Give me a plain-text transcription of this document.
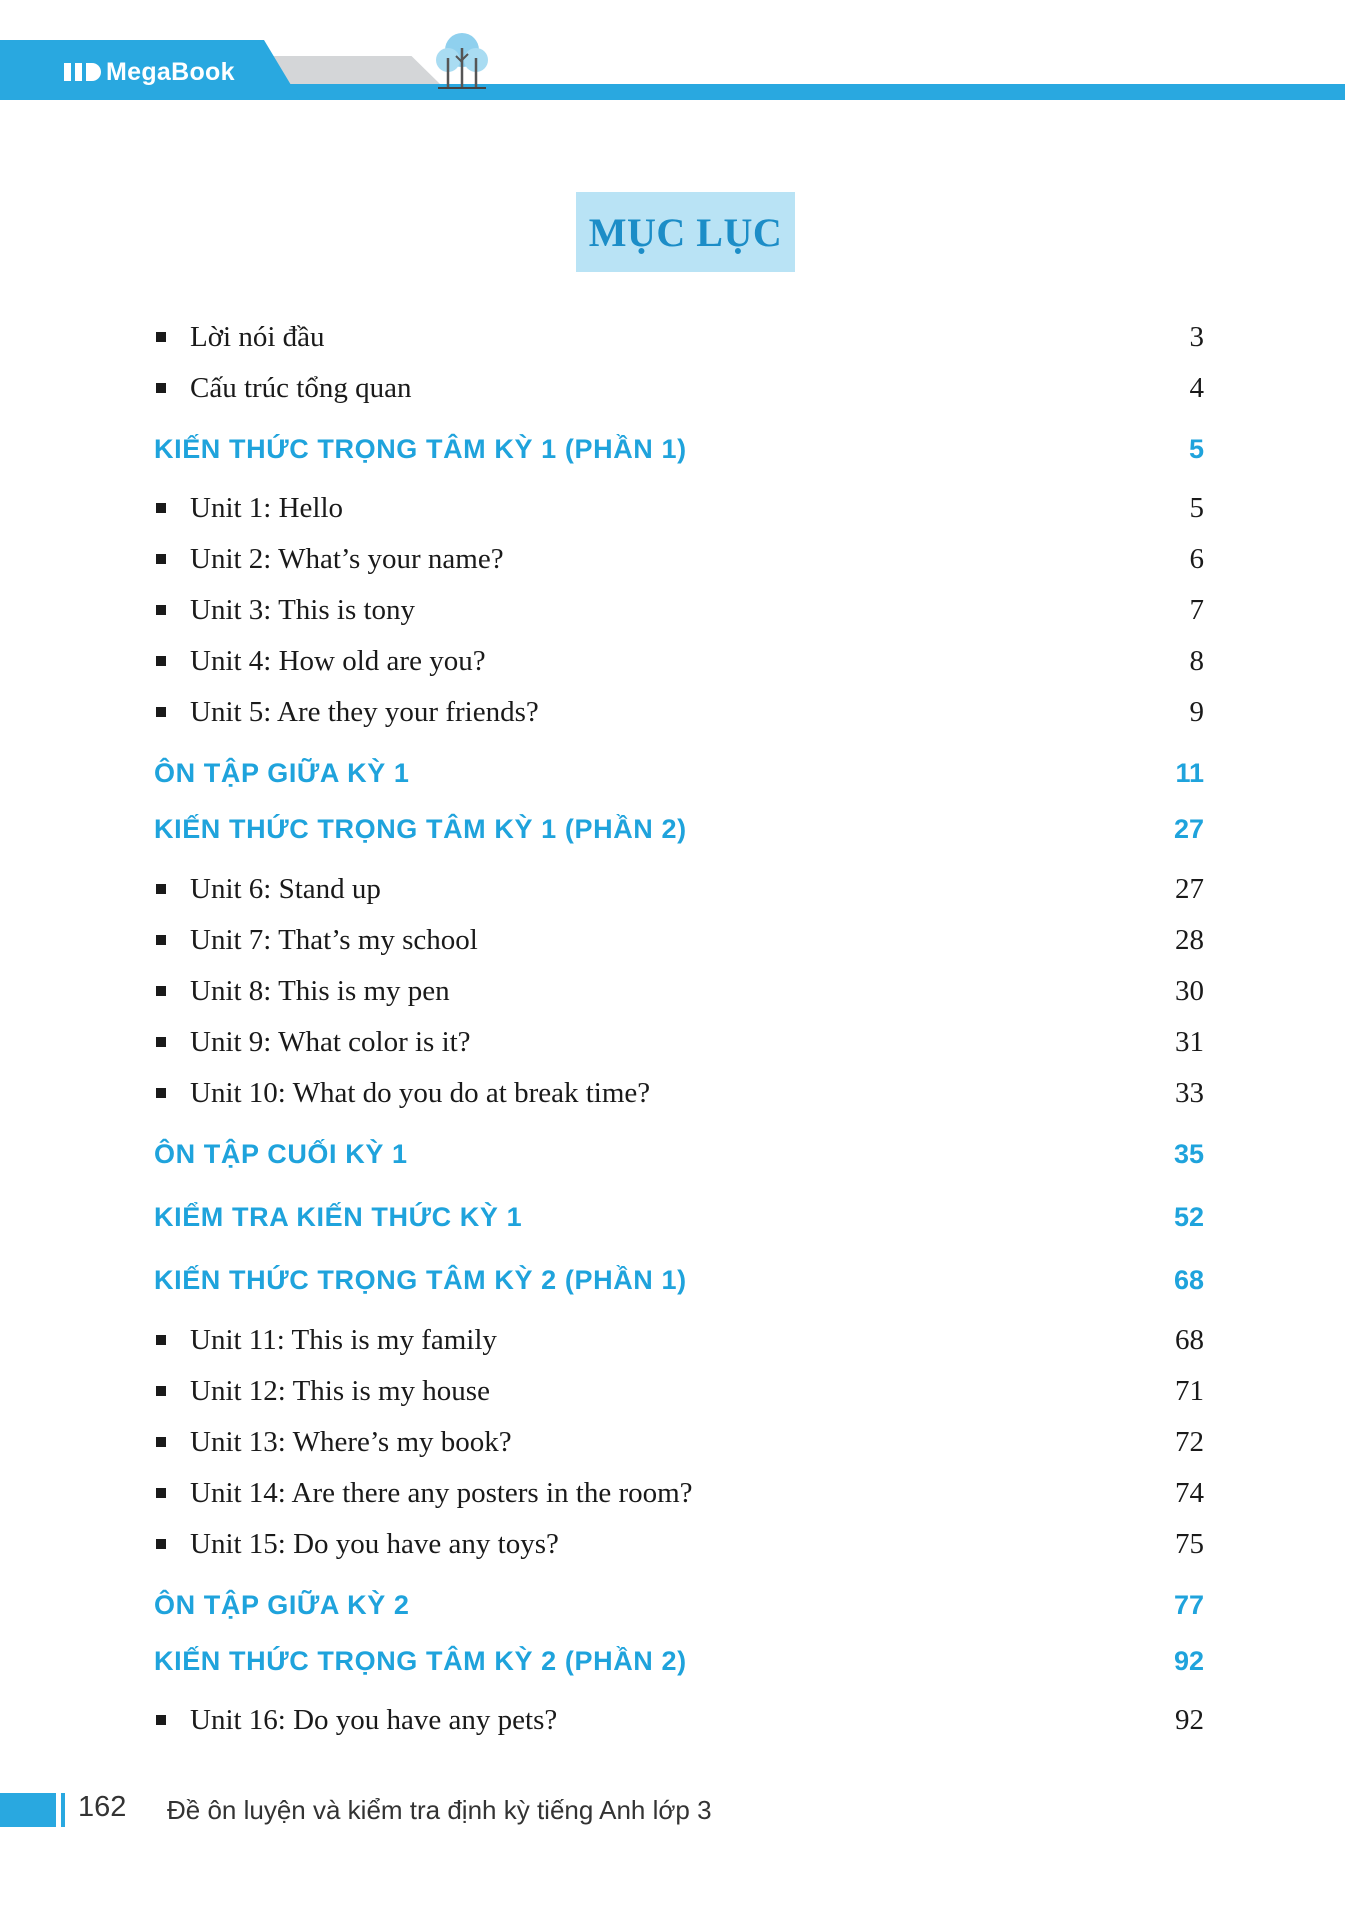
MegaBook
MỤC LỤC
Lời nói đầu	3
Cấu trúc tổng quan	4
KIẾN THỨC TRỌNG TÂM KỲ 1 (PHẦN 1)	5
Unit 1: Hello	5
Unit 2: What’s your name?	6
Unit 3: This is tony	7
Unit 4: How old are you?	8
Unit 5: Are they your friends?	9
ÔN TẬP GIỮA KỲ 1	11
KIẾN THỨC TRỌNG TÂM KỲ 1 (PHẦN 2)	27
Unit 6: Stand up	27
Unit 7: That’s my school	28
Unit 8: This is my pen	30
Unit 9: What color is it?	31
Unit 10: What do you do at break time?	33
ÔN TẬP CUỐI KỲ 1	35
KIỂM TRA KIẾN THỨC KỲ 1	52
KIẾN THỨC TRỌNG TÂM KỲ 2 (PHẦN 1)	68
Unit 11: This is my family	68
Unit 12: This is my house	71
Unit 13: Where’s my book?	72
Unit 14: Are there any posters in the room?	74
Unit 15: Do you have any toys?	75
ÔN TẬP GIỮA KỲ 2	77
KIẾN THỨC TRỌNG TÂM KỲ 2 (PHẦN 2)	92
Unit 16: Do you have any pets?	92
162 Đề ôn luyện và kiểm tra định kỳ tiếng Anh lớp 3
